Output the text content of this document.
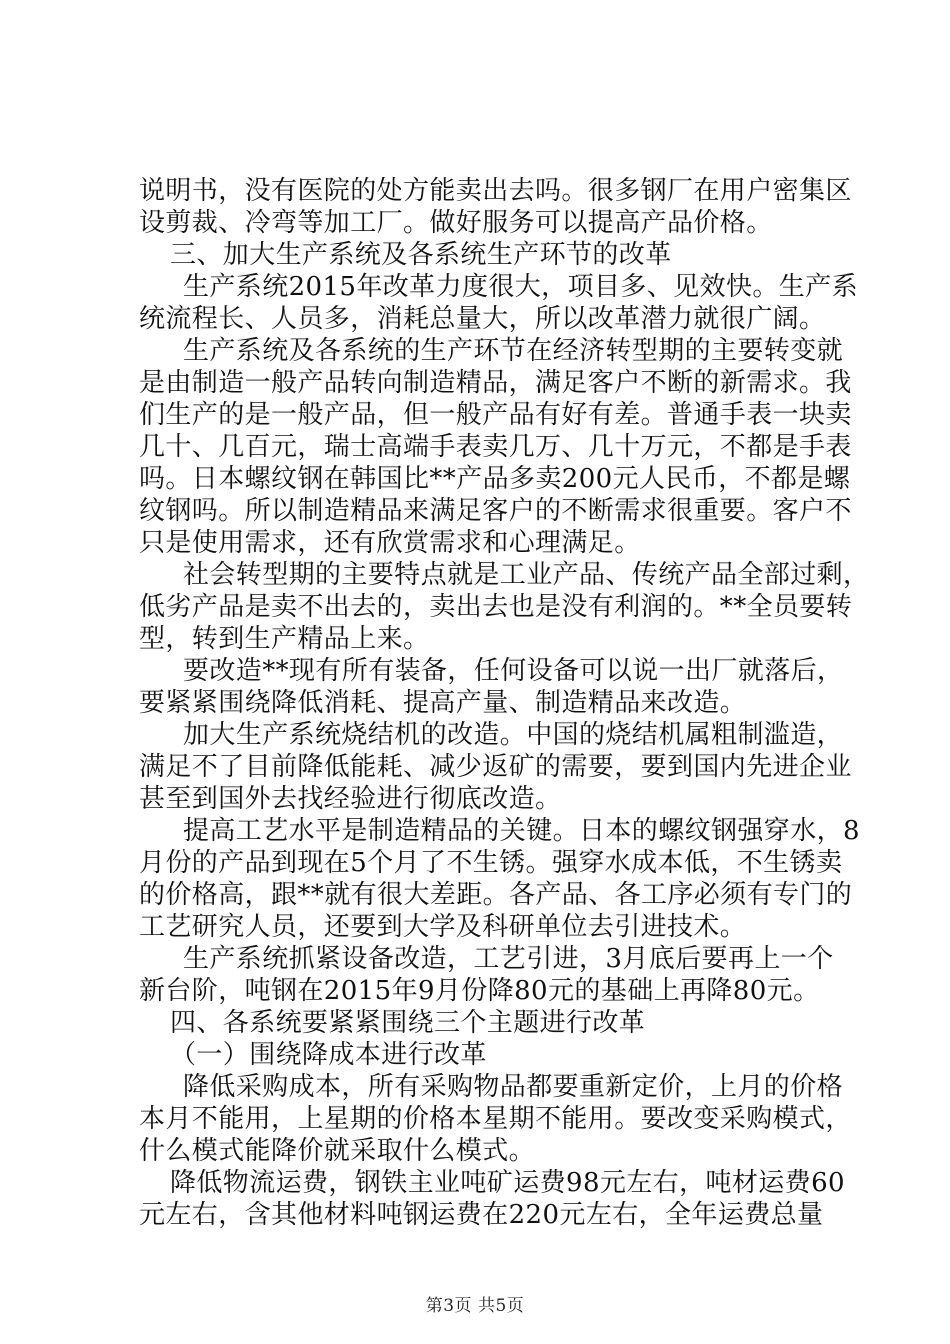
说明书，没有医院的处方能卖出去吗。很多钢厂在用户密集区
设剪裁、冷弯等加工厂。做好服务可以提高产品价格。
三、加大生产系统及各系统生产环节的改革
生产系统2015年改革力度很大，项目多、见效快。生产系
统流程长、人员多，消耗总量大，所以改革潜力就很广阔。
生产系统及各系统的生产环节在经济转型期的主要转变就
是由制造一般产品转向制造精品，满足客户不断的新需求。我
们生产的是一般产品，但一般产品有好有差。普通手表一块卖
几十、几百元，瑞士高端手表卖几万、几十万元，不都是手表
吗。日本螺纹钢在韩国比**产品多卖200元人民币，不都是螺
纹钢吗。所以制造精品来满足客户的不断需求很重要。客户不
只是使用需求，还有欣赏需求和心理满足。
社会转型期的主要特点就是工业产品、传统产品全部过剩，
低劣产品是卖不出去的，卖出去也是没有利润的。**全员要转
型，转到生产精品上来。
要改造**现有所有装备，任何设备可以说一出厂就落后，
要紧紧围绕降低消耗、提高产量、制造精品来改造。
加大生产系统烧结机的改造。中国的烧结机属粗制滥造，
满足不了目前降低能耗、减少返矿的需要，要到国内先进企业
甚至到国外去找经验进行彻底改造。
提高工艺水平是制造精品的关键。日本的螺纹钢强穿水，8
月份的产品到现在5个月了不生锈。强穿水成本低，不生锈卖
的价格高，跟**就有很大差距。各产品、各工序必须有专门的
工艺研究人员，还要到大学及科研单位去引进技术。
生产系统抓紧设备改造，工艺引进，3月底后要再上一个
新台阶，吨钢在2015年9月份降80元的基础上再降80元。
四、各系统要紧紧围绕三个主题进行改革
（一）围绕降成本进行改革
降低采购成本，所有采购物品都要重新定价，上月的价格
本月不能用，上星期的价格本星期不能用。要改变采购模式，
什么模式能降价就采取什么模式。
降低物流运费，钢铁主业吨矿运费98元左右，吨材运费60
元左右，含其他材料吨钢运费在220元左右，全年运费总量
第3页 共5页
